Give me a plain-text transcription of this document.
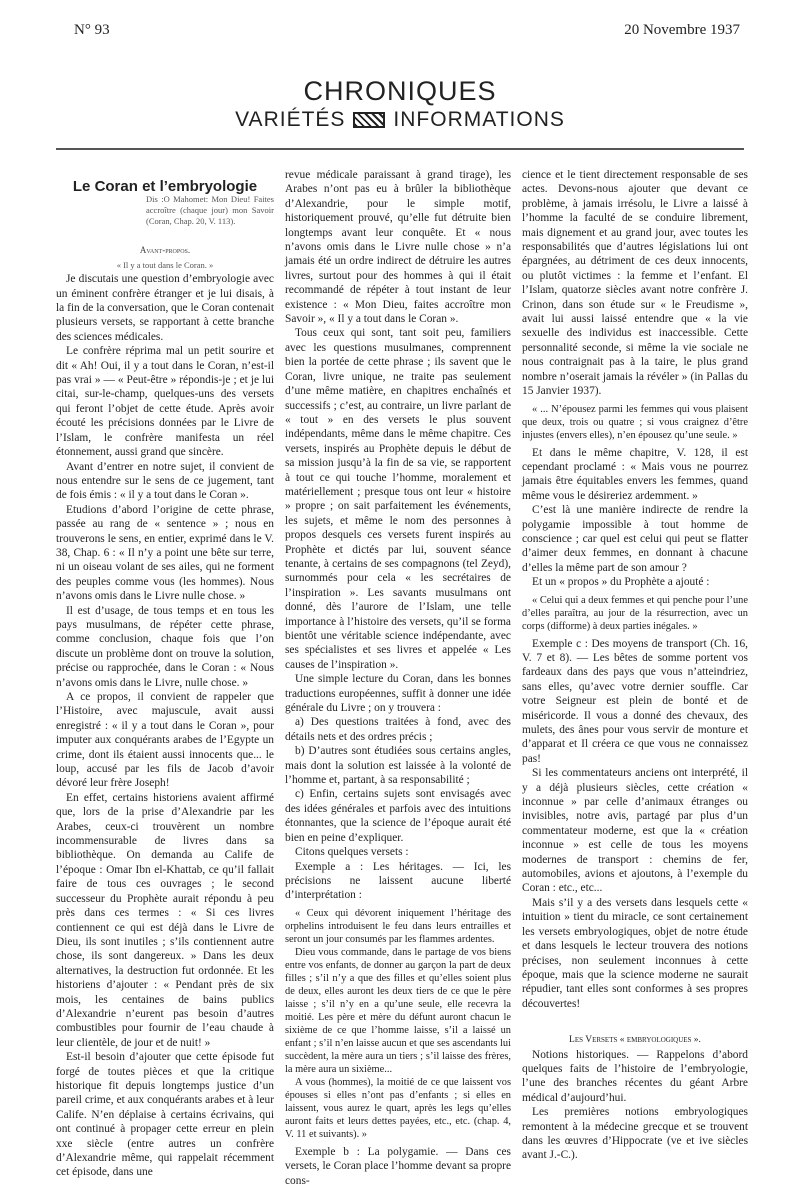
N° 93	20 Novembre 1937
CHRONIQUES
VARIÉTÉS INFORMATIONS

Le Coran et l’embryologie

Dis :O Mahomet: Mon Dieu! Faites accroître (chaque jour) mon Savoir (Coran, Chap. 20, V. 113).

Avant-propos.

« Il y a tout dans le Coran. »

Je discutais une question d’embryologie avec un éminent confrère étranger et je lui disais, à la fin de la conversation, que le Coran contenait plusieurs versets, se rapportant à cette branche des sciences médicales.

Le confrère réprima mal un petit sourire et dit « Ah! Oui, il y a tout dans le Coran, n’est-il pas vrai » — « Peut-être » répondis-je ; et je lui citai, sur-le-champ, quelques-uns des versets qui feront l’objet de cette étude. Après avoir écouté les précisions données par le Livre de l’Islam, le confrère manifesta un réel étonnement, aussi grand que sincère.

Avant d’entrer en notre sujet, il convient de nous entendre sur le sens de ce jugement, tant de fois émis : « il y a tout dans le Coran ».

Etudions d’abord l’origine de cette phrase, passée au rang de « sentence » ; nous en trouverons le sens, en entier, exprimé dans le V. 38, Chap. 6 : « Il n’y a point une bête sur terre, ni un oiseau volant de ses ailes, qui ne forment des peuples comme vous (les hommes). Nous n’avons omis dans le Livre nulle chose. »

Il est d’usage, de tous temps et en tous les pays musulmans, de répéter cette phrase, comme conclusion, chaque fois que l’on discute un problème dont on trouve la solution, précise ou rapprochée, dans le Coran : « Nous n’avons omis dans le Livre, nulle chose. »

A ce propos, il convient de rappeler que l’Histoire, avec majuscule, avait aussi enregistré : « il y a tout dans le Coran », pour imputer aux conquérants arabes de l’Egypte un crime, dont ils étaient aussi innocents que... le loup, accusé par les fils de Jacob d’avoir dévoré leur frère Joseph!

En effet, certains historiens avaient affirmé que, lors de la prise d’Alexandrie par les Arabes, ceux-ci trouvèrent un nombre incommensurable de livres dans sa bibliothèque. On demanda au Calife de l’époque : Omar Ibn el-Khattab, ce qu’il fallait faire de tous ces ouvrages ; le second successeur du Prophète aurait répondu à peu près dans ces termes : « Si ces livres contiennent ce qui est déjà dans le Livre de Dieu, ils sont inutiles ; s’ils contiennent autre chose, ils sont dangereux. » Dans les deux alternatives, la destruction fut ordonnée. Et les historiens d’ajouter : « Pendant près de six mois, les centaines de bains publics d’Alexandrie n’eurent pas besoin d’autres combustibles pour fournir de l’eau chaude à leur clientèle, de jour et de nuit! »

Est-il besoin d’ajouter que cette épisode fut forgé de toutes pièces et que la critique historique fit depuis longtemps justice d’un pareil crime, et aux conquérants arabes et à leur Calife. N’en déplaise à certains écrivains, qui ont continué à propager cette erreur en plein xxe siècle (entre autres un confrère d’Alexandrie même, qui rappelait récemment cet épisode, dans une

revue médicale paraissant à grand tirage), les Arabes n’ont pas eu à brûler la bibliothèque d’Alexandrie, pour le simple motif, historiquement prouvé, qu’elle fut détruite bien longtemps avant leur conquête. Et « nous n’avons omis dans le Livre nulle chose » n’a jamais été un ordre indirect de détruire les autres livres, surtout pour des hommes à qui il était recommandé de répéter à tout instant de leur existence : « Mon Dieu, faites accroître mon Savoir », « Il y a tout dans le Coran ».

Tous ceux qui sont, tant soit peu, familiers avec les questions musulmanes, comprennent bien la portée de cette phrase ; ils savent que le Coran, livre unique, ne traite pas seulement d’une même matière, en chapitres enchaînés et successifs ; c’est, au contraire, un livre parlant de « tout » en des versets le plus souvent indépendants, même dans le même chapitre. Ces versets, inspirés au Prophète depuis le début de sa mission jusqu’à la fin de sa vie, se rapportent à tout ce qui touche l’homme, moralement et matériellement ; presque tous ont leur « histoire » propre ; on sait parfaitement les événements, les sujets, et même le nom des personnes à propos desquels ces versets furent inspirés au Prophète et dictés par lui, souvent séance tenante, à certains de ses compagnons (tel Zeyd), surnommés pour cela « les secrétaires de l’inspiration ». Les savants musulmans ont donné, dès l’aurore de l’Islam, une telle importance à l’histoire des versets, qu’il se forma bientôt une véritable science indépendante, avec ses spécialistes et ses livres et appelée « Les causes de l’inspiration ».

Une simple lecture du Coran, dans les bonnes traductions européennes, suffit à donner une idée générale du Livre ; on y trouvera :

a) Des questions traitées à fond, avec des détails nets et des ordres précis ;

b) D’autres sont étudiées sous certains angles, mais dont la solution est laissée à la volonté de l’homme et, partant, à sa responsabilité ;

c) Enfin, certains sujets sont envisagés avec des idées générales et parfois avec des intuitions étonnantes, que la science de l’époque aurait été bien en peine d’expliquer.

Citons quelques versets :

Exemple a : Les héritages. — Ici, les précisions ne laissent aucune liberté d’interprétation :

« Ceux qui dévorent iniquement l’héritage des orphelins introduisent le feu dans leurs entrailles et seront un jour consumés par les flammes ardentes.

Dieu vous commande, dans le partage de vos biens entre vos enfants, de donner au garçon la part de deux filles ; s’il n’y a que des filles et qu’elles soient plus de deux, elles auront les deux tiers de ce que le père laisse ; s’il n’y en a qu’une seule, elle recevra la moitié. Les père et mère du défunt auront chacun le sixième de ce que l’homme laisse, s’il a laissé un enfant ; s’il n’en laisse aucun et que ses ascendants lui succèdent, la mère aura un tiers ; s’il laisse des frères, la mère aura un sixième...

A vous (hommes), la moitié de ce que laissent vos épouses si elles n’ont pas d’enfants ; si elles en laissent, vous aurez le quart, après les legs qu’elles auront faits et leurs dettes payées, etc., etc. (chap. 4, V. 11 et suivants). »

Exemple b : La polygamie. — Dans ces versets, le Coran place l’homme devant sa propre cons-

cience et le tient directement responsable de ses actes. Devons-nous ajouter que devant ce problème, à jamais irrésolu, le Livre a laissé à l’homme la faculté de se conduire librement, mais dignement et au grand jour, avec toutes les responsabilités que d’autres législations lui ont épargnées, au détriment de ces deux innocents, ou plutôt victimes : la femme et l’enfant. El l’Islam, quatorze siècles avant notre confrère J. Crinon, dans son étude sur « le Freudisme », avait lui aussi laissé entendre que « la vie sexuelle des individus est inaccessible. Cette personnalité seconde, si même la vie sociale ne nous contraignait pas à la taire, le plus grand nombre n’oserait jamais la révéler » (in Pallas du 15 Janvier 1937).

« ... N’épousez parmi les femmes qui vous plaisent que deux, trois ou quatre ; si vous craignez d’être injustes (envers elles), n’en épousez qu’une seule. »

Et dans le même chapitre, V. 128, il est cependant proclamé : « Mais vous ne pourrez jamais être équitables envers les femmes, quand même vous le désireriez ardemment. »

C’est là une manière indirecte de rendre la polygamie impossible à tout homme de conscience ; car quel est celui qui peut se flatter d’aimer deux femmes, en donnant à chacune d’elles la même part de son amour ?

Et un « propos » du Prophète a ajouté :

« Celui qui a deux femmes et qui penche pour l’une d’elles paraîtra, au jour de la résurrection, avec un corps (difforme) à deux parties inégales. »

Exemple c : Des moyens de transport (Ch. 16, V. 7 et 8). — Les bêtes de somme portent vos fardeaux dans des pays que vous n’atteindriez, sans elles, qu’avec votre dernier souffle. Car votre Seigneur est plein de bonté et de miséricorde. Il vous a donné des chevaux, des mulets, des ânes pour vous servir de monture et d’apparat et Il créera ce que vous ne connaissez pas!

Si les commentateurs anciens ont interprété, il y a déjà plusieurs siècles, cette création « inconnue » par celle d’animaux étranges ou invisibles, notre avis, partagé par plus d’un commentateur moderne, est que la « création inconnue » est celle de tous les moyens modernes de transport : chemins de fer, automobiles, avions et ajoutons, à l’exemple du Coran : etc., etc...

Mais s’il y a des versets dans lesquels cette « intuition » tient du miracle, ce sont certainement les versets embryologiques, objet de notre étude et dans lesquels le lecteur trouvera des notions précises, non seulement inconnues à cette époque, mais que la science moderne ne saurait répudier, tant elles sont conformes à ses propres découvertes!

Les Versets « embryologiques ».

Notions historiques. — Rappelons d’abord quelques faits de l’histoire de l’embryologie, l’une des branches récentes du géant Arbre médical d’aujourd’hui.

Les premières notions embryologiques remontent à la médecine grecque et se trouvent dans les œuvres d’Hippocrate (ve et ive siècles avant J.-C.).
